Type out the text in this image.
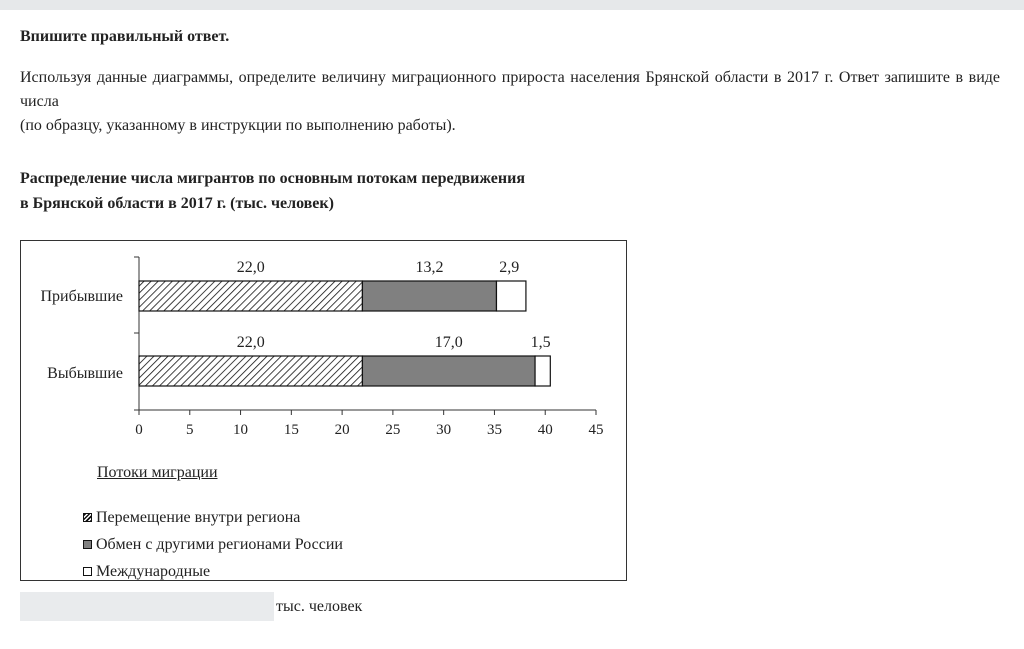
Впишите правильный ответ.

Используя данные диаграммы, определите величину миграционного прироста населения Брянской области в 2017 г. Ответ запишите в виде числа

(по образцу, указанному в инструкции по выполнению работы).

Распределение числа мигрантов по основным потокам передвижения
в Брянской области в 2017 г. (тыс. человек)
0	5	10 15 20 25 30 35 40 45
Прибывшие
22,0	13,2	2,9
Выбывшие
22,0	17,0	1,5
Потоки миграции
Перемещение внутри региона
Обмен с другими регионами России
Международные
тыс. человек
